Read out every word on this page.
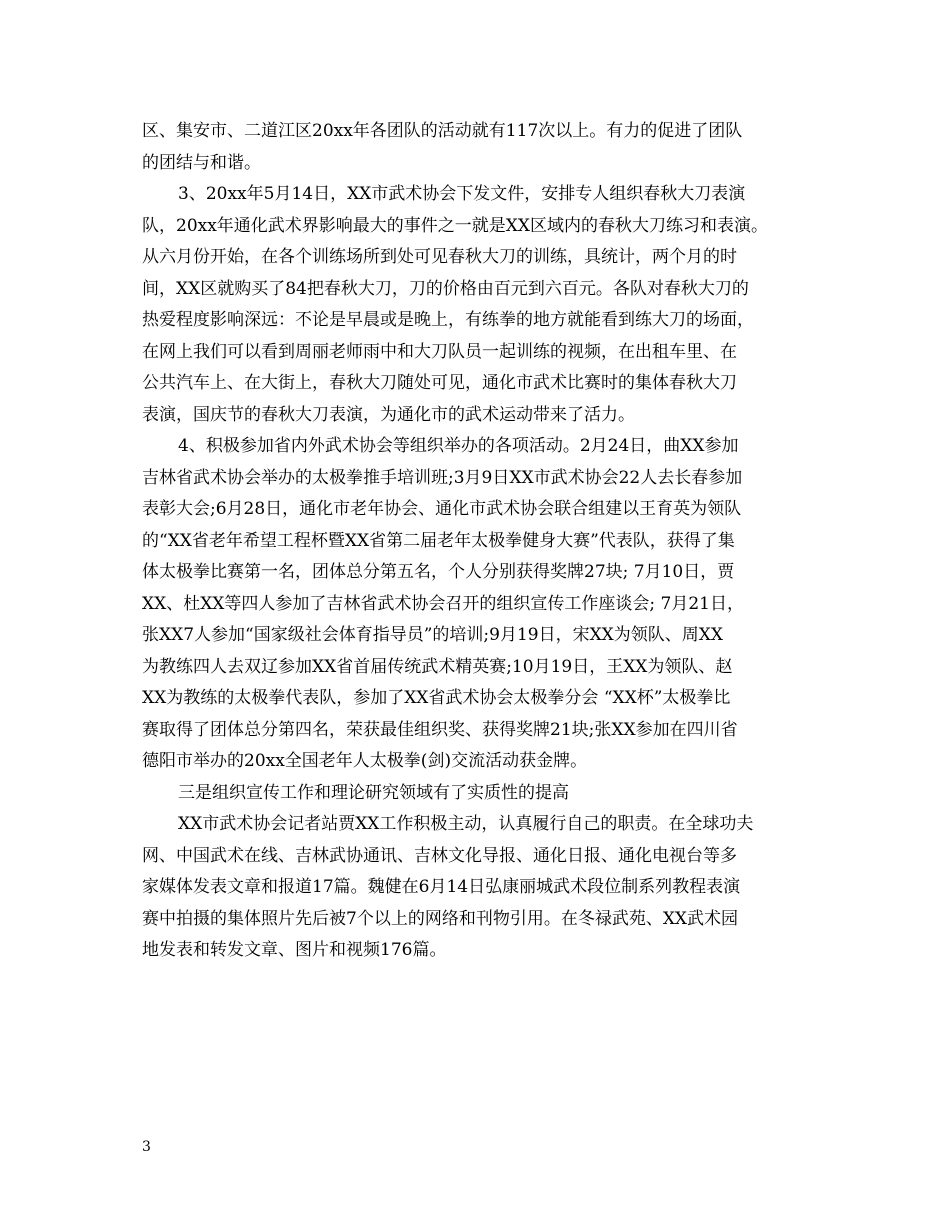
区、集安市、二道江区20xx年各团队的活动就有117次以上。有力的促进了团队
的团结与和谐。
3、20xx年5月14日，XX市武术协会下发文件，安排专人组织春秋大刀表演
队，20xx年通化武术界影响最大的事件之一就是XX区域内的春秋大刀练习和表演。
从六月份开始，在各个训练场所到处可见春秋大刀的训练，具统计，两个月的时
间，XX区就购买了84把春秋大刀，刀的价格由百元到六百元。各队对春秋大刀的
热爱程度影响深远：不论是早晨或是晚上，有练拳的地方就能看到练大刀的场面，
在网上我们可以看到周丽老师雨中和大刀队员一起训练的视频，在出租车里、在
公共汽车上、在大街上，春秋大刀随处可见，通化市武术比赛时的集体春秋大刀
表演，国庆节的春秋大刀表演，为通化市的武术运动带来了活力。
4、积极参加省内外武术协会等组织举办的各项活动。2月24日，曲XX参加
吉林省武术协会举办的太极拳推手培训班;3月9日XX市武术协会22人去长春参加
表彰大会;6月28日，通化市老年协会、通化市武术协会联合组建以王育英为领队
的“XX省老年希望工程杯暨XX省第二届老年太极拳健身大赛”代表队，获得了集
体太极拳比赛第一名，团体总分第五名，个人分别获得奖牌27块; 7月10日，贾
XX、杜XX等四人参加了吉林省武术协会召开的组织宣传工作座谈会; 7月21日，
张XX7人参加“国家级社会体育指导员”的培训;9月19日，宋XX为领队、周XX
为教练四人去双辽参加XX省首届传统武术精英赛;10月19日，王XX为领队、赵
XX为教练的太极拳代表队，参加了XX省武术协会太极拳分会 “XX杯”太极拳比
赛取得了团体总分第四名，荣获最佳组织奖、获得奖牌21块;张XX参加在四川省
德阳市举办的20xx全国老年人太极拳(剑)交流活动获金牌。
三是组织宣传工作和理论研究领域有了实质性的提高
XX市武术协会记者站贾XX工作积极主动，认真履行自己的职责。在全球功夫
网、中国武术在线、吉林武协通讯、吉林文化导报、通化日报、通化电视台等多
家媒体发表文章和报道17篇。魏健在6月14日弘康丽城武术段位制系列教程表演
赛中拍摄的集体照片先后被7个以上的网络和刊物引用。在冬禄武苑、XX武术园
地发表和转发文章、图片和视频176篇。
3
